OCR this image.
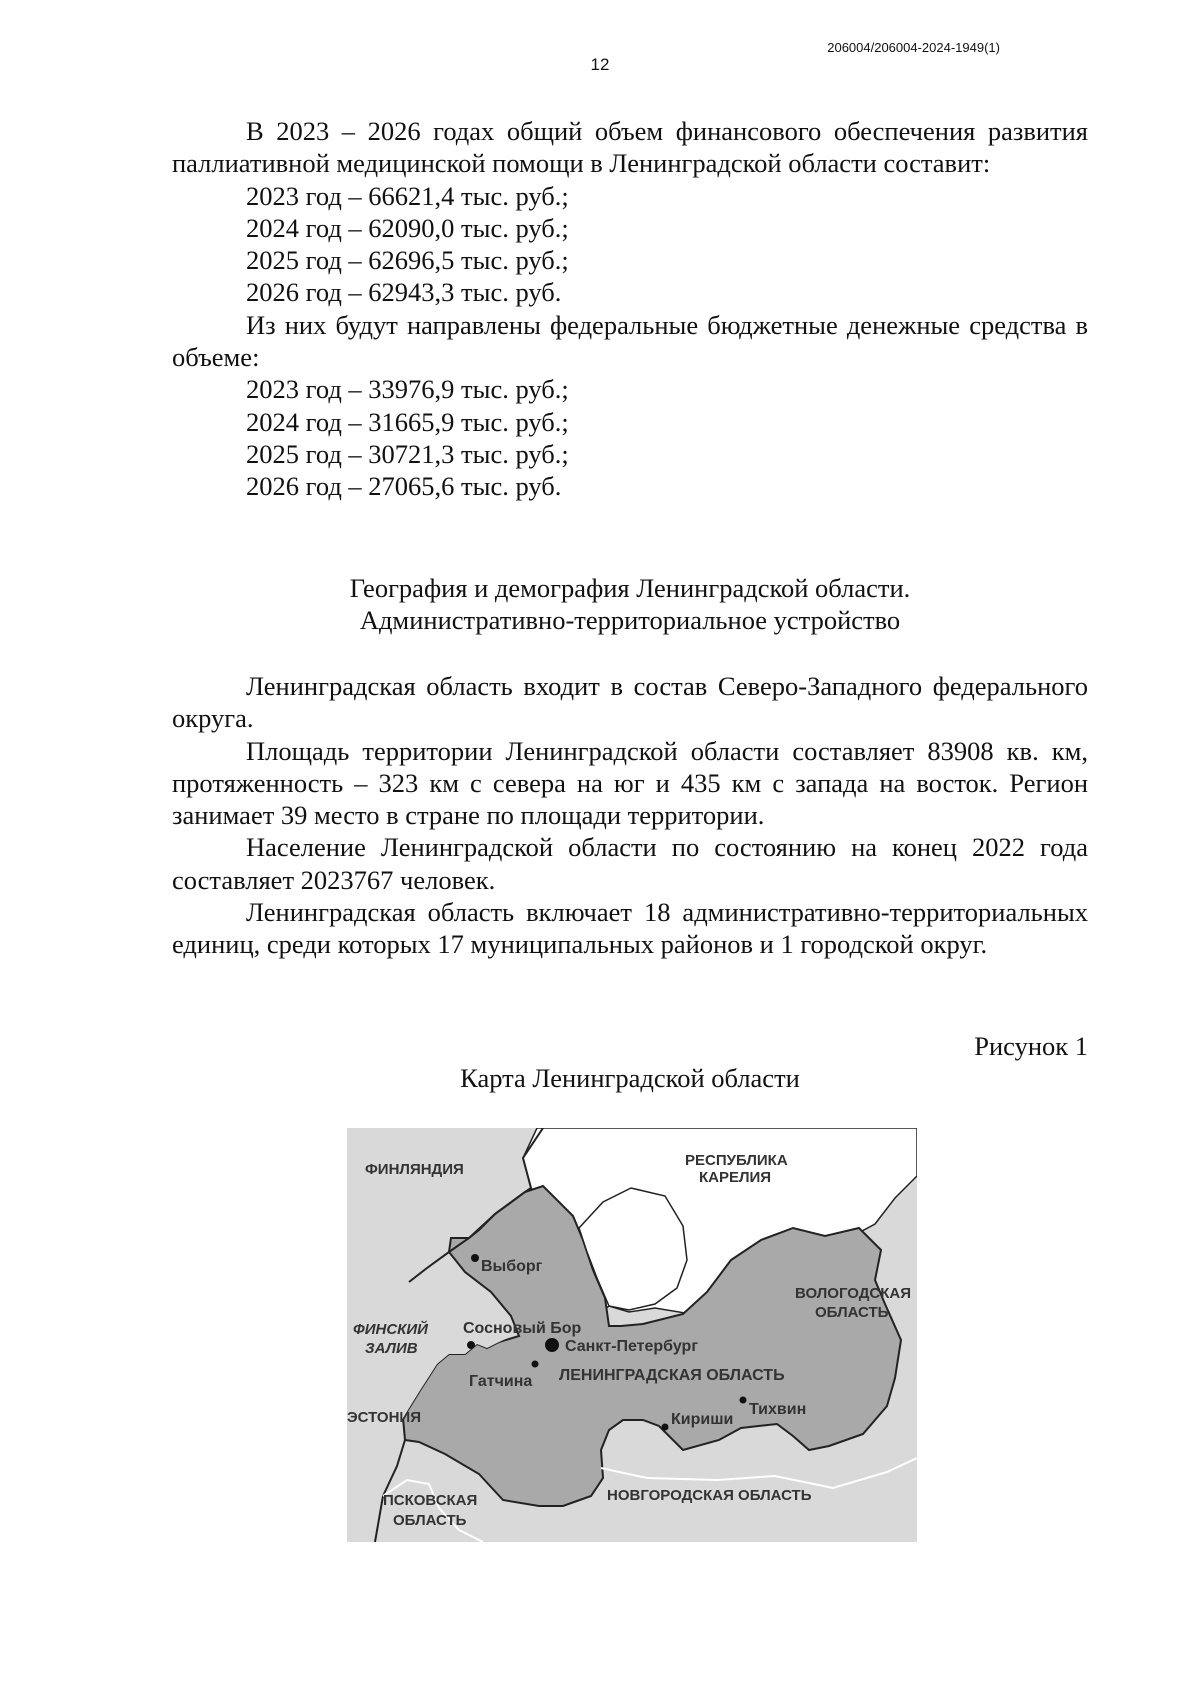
206004/206004-2024-1949(1)
12

В 2023 – 2026 годах общий объем финансового обеспечения развития паллиативной медицинской помощи в Ленинградской области составит:

2023 год – 66621,4 тыс. руб.;

2024 год – 62090,0 тыс. руб.;

2025 год – 62696,5 тыс. руб.;

2026 год – 62943,3 тыс. руб.

Из них будут направлены федеральные бюджетные денежные средства в объеме:

2023 год – 33976,9 тыс. руб.;

2024 год – 31665,9 тыс. руб.;

2025 год – 30721,3 тыс. руб.;

2026 год – 27065,6 тыс. руб.

География и демография Ленинградской области.

Административно-территориальное устройство

Ленинградская область входит в состав Северо-Западного федерального округа.

Площадь территории Ленинградской области составляет 83908 кв. км, протяженность – 323 км с севера на юг и 435 км с запада на восток. Регион занимает 39 место в стране по площади территории.

Население Ленинградской области по состоянию на конец 2022 года составляет 2023767 человек.

Ленинградская область включает 18 административно-территориальных единиц, среди которых 17 муниципальных районов и 1 городской округ.

Рисунок 1
Карта Ленинградской области
ФИНЛЯНДИЯ
РЕСПУБЛИКА
КАРЕЛИЯ
ВОЛОГОДСКАЯ
ОБЛАСТЬ
ФИНСКИЙ
ЗАЛИВ
ЭСТОНИЯ
ПСКОВСКАЯ
ОБЛАСТЬ
НОВГОРОДСКАЯ ОБЛАСТЬ
ЛЕНИНГРАДСКАЯ ОБЛАСТЬ
Выборг
Сосновый Бор
Санкт-Петербург
Гатчина
Кириши
Тихвин
